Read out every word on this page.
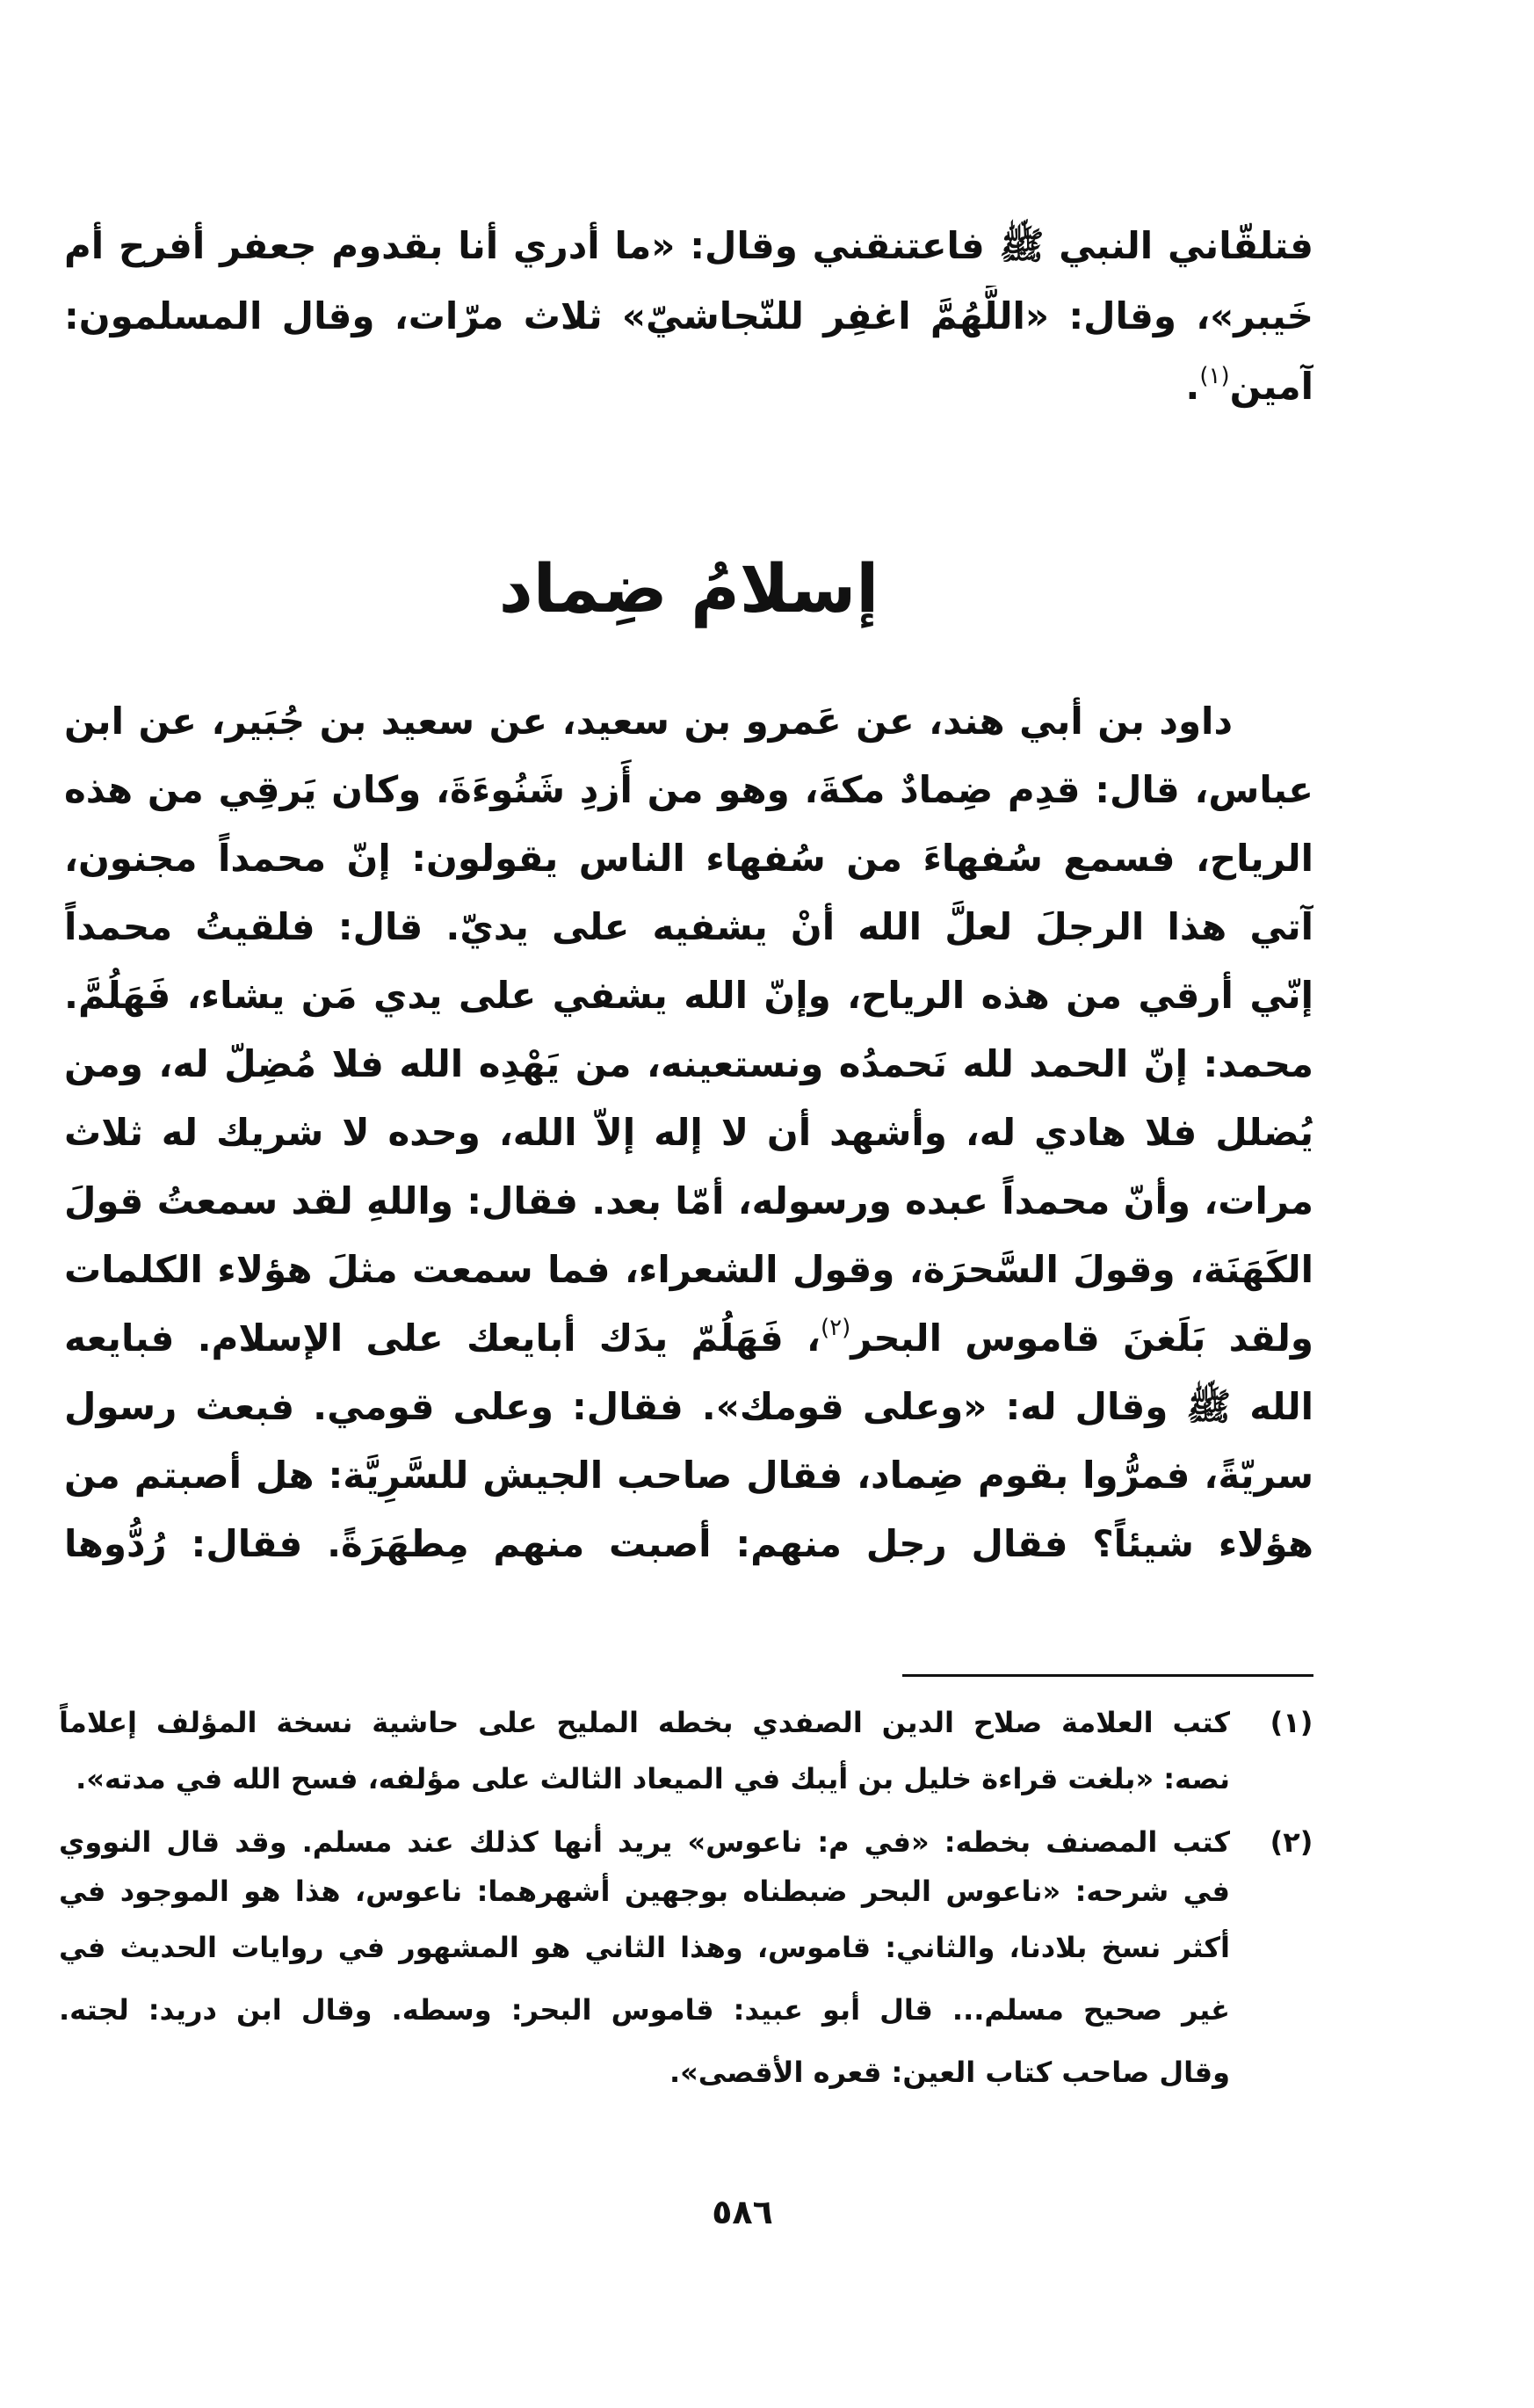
فتلقّاني النبي ﷺ فاعتنقني وقال: «ما أدري أنا بقدوم جعفر أفرح أم
خَيبر»، وقال: «اللَّهُمَّ اغفِر للنّجاشيّ» ثلاث مرّات، وقال المسلمون:
آمين$^{(١)}$.
إسلامُ ضِماد
داود بن أبي هند، عن عَمرو بن سعيد، عن سعيد بن جُبَير، عن ابن
عباس، قال: قدِم ضِمادٌ مكةَ، وهو من أَزدِ شَنُوءَةَ، وكان يَرقِي من هذه
الرياح، فسمع سُفهاءَ من سُفهاء الناس يقولون: إنّ محمداً مجنون،
آتي هذا الرجلَ لعلَّ الله أنْ يشفيه على يديّ. قال: فلقيتُ محمداً
إنّي أرقي من هذه الرياح، وإنّ الله يشفي على يدي مَن يشاء، فَهَلُمَّ.
محمد: إنّ الحمد لله نَحمدُه ونستعينه، من يَهْدِه الله فلا مُضِلّ له، ومن
يُضلل فلا هادي له، وأشهد أن لا إله إلاّ الله، وحده لا شريك له ثلاث
مرات، وأنّ محمداً عبده ورسوله، أمّا بعد. فقال: واللهِ لقد سمعتُ قولَ
الكَهَنَة، وقولَ السَّحرَة، وقول الشعراء، فما سمعت مثلَ هؤلاء الكلمات
ولقد بَلَغنَ قاموس البحر$^{(٢)}$، فَهَلُمّ يدَك أبايعك على الإسلام. فبايعه
الله ﷺ وقال له: «وعلى قومك». فقال: وعلى قومي. فبعث رسول
سريّةً، فمرُّوا بقوم ضِماد، فقال صاحب الجيش للسَّرِيَّة: هل أصبتم من
هؤلاء شيئاً؟ فقال رجل منهم: أصبت منهم مِطهَرَةً. فقال: رُدُّوها
(١)
كتب العلامة صلاح الدين الصفدي بخطه المليح على حاشية نسخة المؤلف إعلاماً
نصه: «بلغت قراءة خليل بن أيبك في الميعاد الثالث على مؤلفه، فسح الله في مدته».
(٢)
كتب المصنف بخطه: «في م: ناعوس» يريد أنها كذلك عند مسلم. وقد قال النووي
في شرحه: «ناعوس البحر ضبطناه بوجهين أشهرهما: ناعوس، هذا هو الموجود في
أكثر نسخ بلادنا، والثاني: قاموس، وهذا الثاني هو المشهور في روايات الحديث في
غير صحيح مسلم... قال أبو عبيد: قاموس البحر: وسطه. وقال ابن دريد: لجته.
وقال صاحب كتاب العين: قعره الأقصى».
٥٨٦
